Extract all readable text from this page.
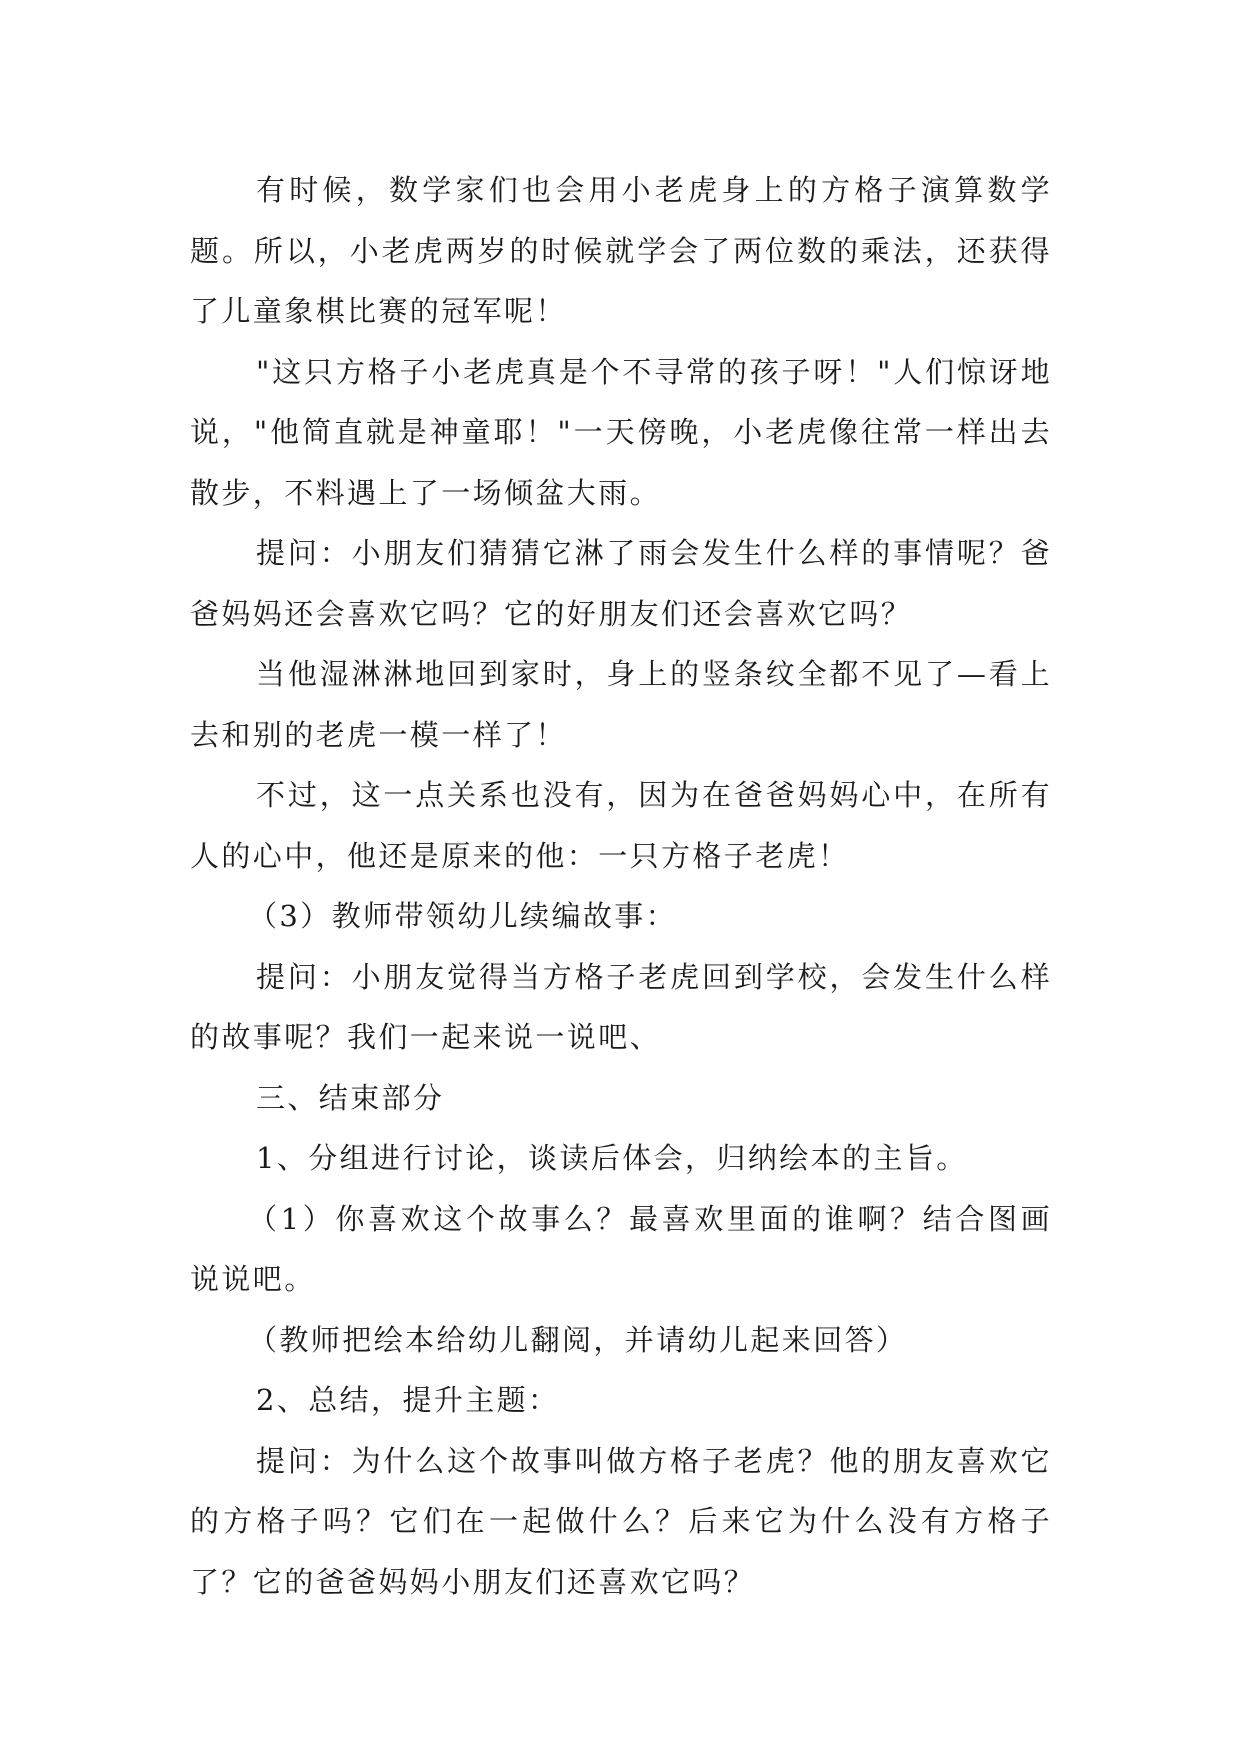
有时候，数学家们也会用小老虎身上的方格子演算数学题。所以，小老虎两岁的时候就学会了两位数的乘法，还获得了儿童象棋比赛的冠军呢！

"这只方格子小老虎真是个不寻常的孩子呀！"人们惊讶地说，"他简直就是神童耶！"一天傍晚，小老虎像往常一样出去散步，不料遇上了一场倾盆大雨。

提问：小朋友们猜猜它淋了雨会发生什么样的事情呢？爸爸妈妈还会喜欢它吗？它的好朋友们还会喜欢它吗？

当他湿淋淋地回到家时，身上的竖条纹全都不见了—看上去和别的老虎一模一样了！

不过，这一点关系也没有，因为在爸爸妈妈心中，在所有人的心中，他还是原来的他：一只方格子老虎！

（3）教师带领幼儿续编故事：

提问：小朋友觉得当方格子老虎回到学校，会发生什么样的故事呢？我们一起来说一说吧、

三、结束部分

1、分组进行讨论，谈读后体会，归纳绘本的主旨。

（1）你喜欢这个故事么？最喜欢里面的谁啊？结合图画说说吧。

（教师把绘本给幼儿翻阅，并请幼儿起来回答）

2、总结，提升主题：

提问：为什么这个故事叫做方格子老虎？他的朋友喜欢它的方格子吗？它们在一起做什么？后来它为什么没有方格子了？它的爸爸妈妈小朋友们还喜欢它吗？
